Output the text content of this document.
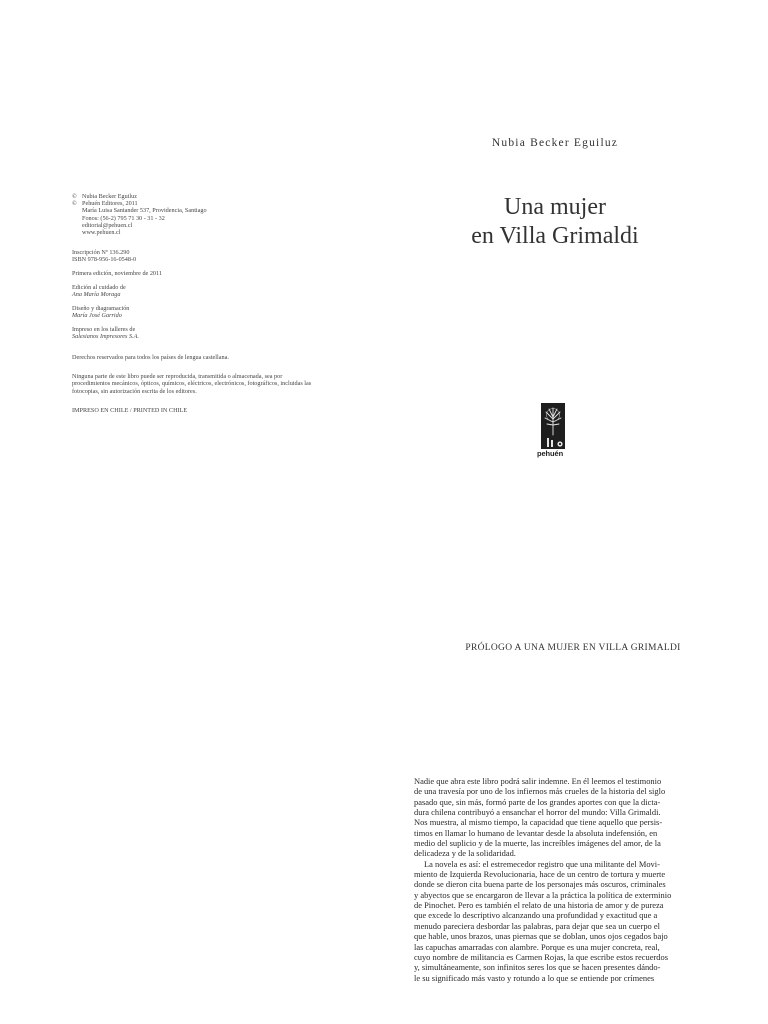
© Nubia Becker Eguiluz
© Pehuén Editores, 2011
María Luisa Santander 537, Providencia, Santiago
Fonos: (56-2) 795 71 30 - 31 - 32
editorial@pehuen.cl
www.pehuen.cl
Inscripción Nº 136.290
ISBN 978-956-16-0548-0
Primera edición, noviembre de 2011
Edición al cuidado de
Ana María Moraga
Diseño y diagramación
María José Garrido
Impreso en los talleres de
Salesianos Impresores S.A.
Derechos reservados para todos los países de lengua castellana.
Ninguna parte de este libro puede ser reproducida, transmitida o almacenada, sea por procedimientos mecánicos, ópticos, químicos, eléctricos, electrónicos, fotográficos, incluidas las fotocopias, sin autorización escrita de los editores.
IMPRESO EN CHILE / PRINTED IN CHILE
Nubia Becker Eguiluz
Una mujer
en Villa Grimaldi
pehuén
PRÓLOGO A UNA MUJER EN VILLA GRIMALDI
Nadie que abra este libro podrá salir indemne. En él leemos el testimonio
de una travesía por uno de los infiernos más crueles de la historia del siglo
pasado que, sin más, formó parte de los grandes aportes con que la dicta-
dura chilena contribuyó a ensanchar el horror del mundo: Villa Grimaldi.
Nos muestra, al mismo tiempo, la capacidad que tiene aquello que persis-
timos en llamar lo humano de levantar desde la absoluta indefensión, en
medio del suplicio y de la muerte, las increíbles imágenes del amor, de la
delicadeza y de la solidaridad.
La novela es así: el estremecedor registro que una militante del Movi-
miento de Izquierda Revolucionaria, hace de un centro de tortura y muerte
donde se dieron cita buena parte de los personajes más oscuros, criminales
y abyectos que se encargaron de llevar a la práctica la política de exterminio
de Pinochet. Pero es también el relato de una historia de amor y de pureza
que excede lo descriptivo alcanzando una profundidad y exactitud que a
menudo pareciera desbordar las palabras, para dejar que sea un cuerpo el
que hable, unos brazos, unas piernas que se doblan, unos ojos cegados bajo
las capuchas amarradas con alambre. Porque es una mujer concreta, real,
cuyo nombre de militancia es Carmen Rojas, la que escribe estos recuerdos
y, simultáneamente, son infinitos seres los que se hacen presentes dándo-
le su significado más vasto y rotundo a lo que se entiende por crímenes
